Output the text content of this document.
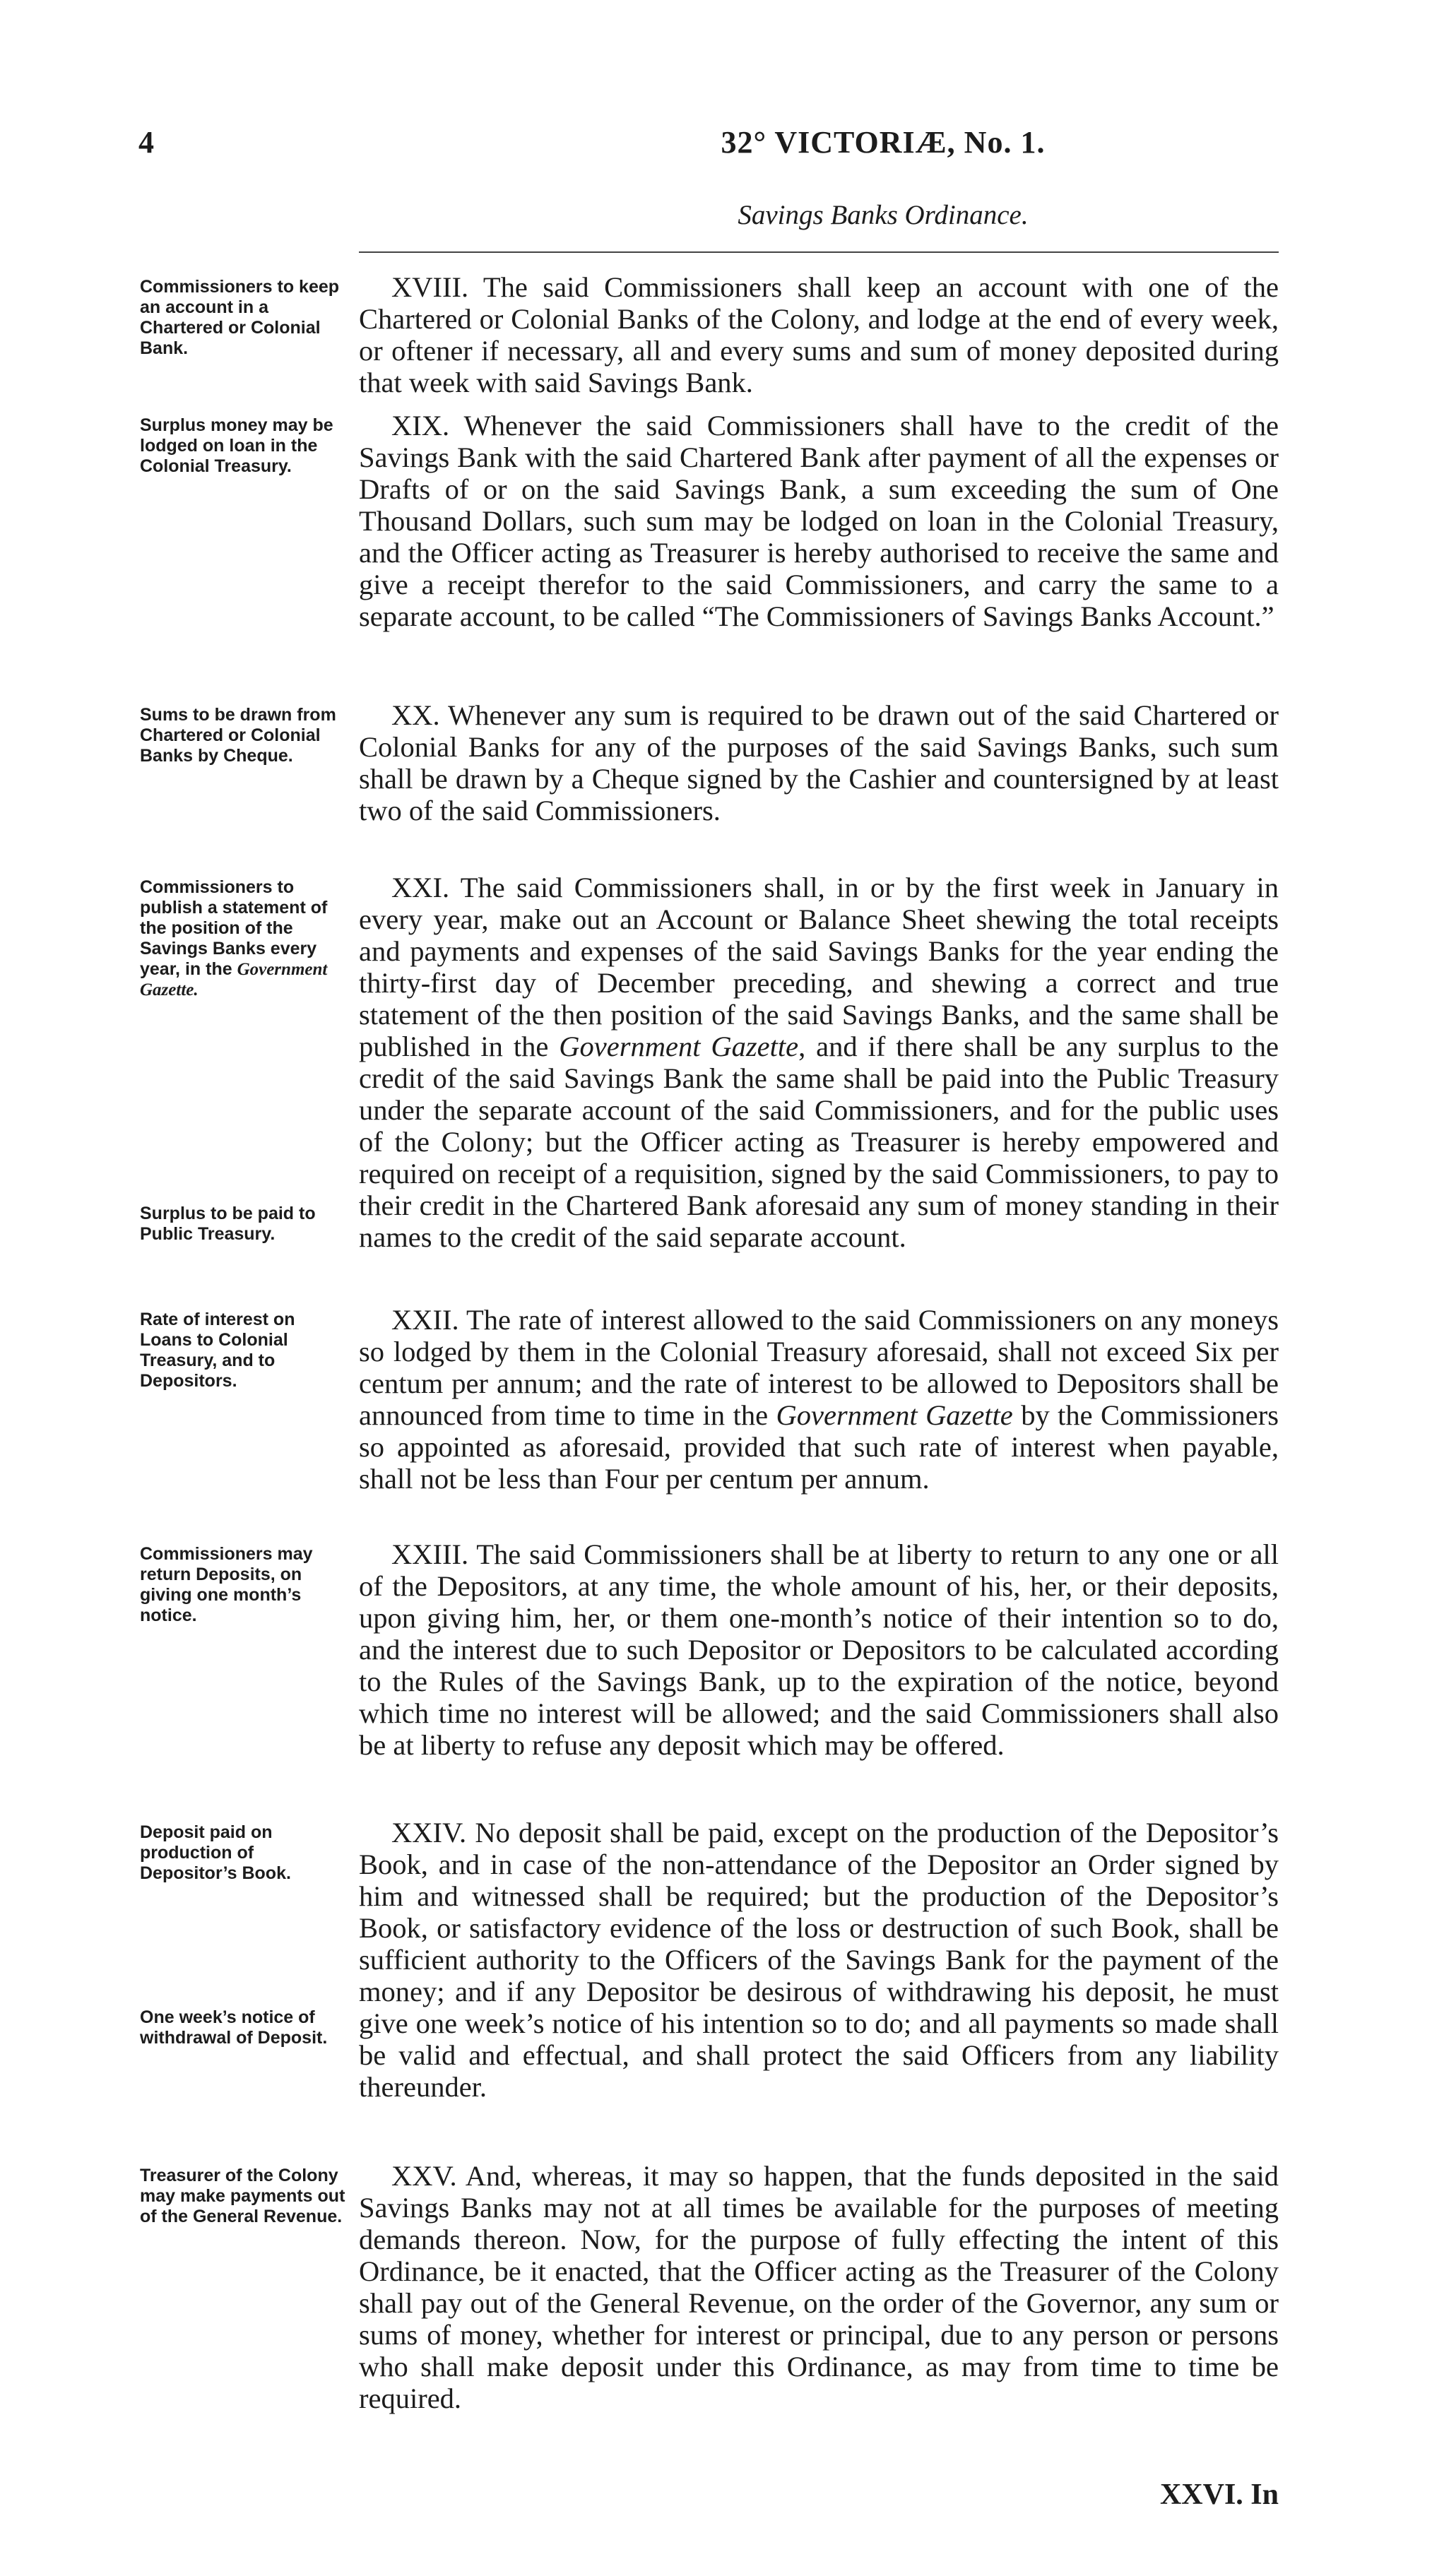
4	32° VICTORIÆ, No. 1.
Savings Banks Ordinance.
Commissioners to keep an account in a Chartered or Colonial Bank.
XVIII. The said Commissioners shall keep an account with one of the Chartered or Colonial Banks of the Colony, and lodge at the end of every week, or oftener if necessary, all and every sums and sum of money deposited during that week with said Savings Bank.
Surplus money may be lodged on loan in the Colonial Treasury.
XIX. Whenever the said Commissioners shall have to the credit of the Savings Bank with the said Chartered Bank after payment of all the expenses or Drafts of or on the said Savings Bank, a sum exceeding the sum of One Thousand Dollars, such sum may be lodged on loan in the Colonial Treasury, and the Officer acting as Treasurer is hereby authorised to receive the same and give a receipt therefor to the said Commissioners, and carry the same to a separate account, to be called “The Commissioners of Savings Banks Account.”
Sums to be drawn from Chartered or Colonial Banks by Cheque.
XX. Whenever any sum is required to be drawn out of the said Chartered or Colonial Banks for any of the purposes of the said Savings Banks, such sum shall be drawn by a Cheque signed by the Cashier and countersigned by at least two of the said Commissioners.
Commissioners to publish a statement of the position of the Savings Banks every year, in the Government Gazette.
Surplus to be paid to Public Treasury.
XXI. The said Commissioners shall, in or by the first week in January in every year, make out an Account or Balance Sheet shewing the total receipts and payments and expenses of the said Savings Banks for the year ending the thirty-first day of December preceding, and shewing a correct and true statement of the then position of the said Savings Banks, and the same shall be published in the Government Gazette, and if there shall be any surplus to the credit of the said Savings Bank the same shall be paid into the Public Treasury under the separate account of the said Commissioners, and for the public uses of the Colony; but the Officer acting as Treasurer is hereby empowered and required on receipt of a requisition, signed by the said Commissioners, to pay to their credit in the Chartered Bank aforesaid any sum of money standing in their names to the credit of the said separate account.
Rate of interest on Loans to Colonial Treasury, and to Depositors.
XXII. The rate of interest allowed to the said Commissioners on any moneys so lodged by them in the Colonial Treasury aforesaid, shall not exceed Six per centum per annum; and the rate of interest to be allowed to Depositors shall be announced from time to time in the Government Gazette by the Commissioners so appointed as aforesaid, provided that such rate of interest when payable, shall not be less than Four per centum per annum.
Commissioners may return Deposits, on giving one month’s notice.
XXIII. The said Commissioners shall be at liberty to return to any one or all of the Depositors, at any time, the whole amount of his, her, or their deposits, upon giving him, her, or them one-month’s notice of their intention so to do, and the interest due to such Depositor or Depositors to be calculated according to the Rules of the Savings Bank, up to the expiration of the notice, beyond which time no interest will be allowed; and the said Commissioners shall also be at liberty to refuse any deposit which may be offered.
Deposit paid on production of Depositor’s Book.
One week’s notice of withdrawal of Deposit.
XXIV. No deposit shall be paid, except on the production of the Depositor’s Book, and in case of the non-attendance of the Depositor an Order signed by him and witnessed shall be required; but the production of the Depositor’s Book, or satisfactory evidence of the loss or destruction of such Book, shall be sufficient authority to the Officers of the Savings Bank for the payment of the money; and if any Depositor be desirous of withdrawing his deposit, he must give one week’s notice of his intention so to do; and all payments so made shall be valid and effectual, and shall protect the said Officers from any liability thereunder.
Treasurer of the Colony may make payments out of the General Revenue.
XXV. And, whereas, it may so happen, that the funds deposited in the said Savings Banks may not at all times be available for the purposes of meeting demands thereon. Now, for the purpose of fully effecting the intent of this Ordinance, be it enacted, that the Officer acting as the Treasurer of the Colony shall pay out of the General Revenue, on the order of the Governor, any sum or sums of money, whether for interest or principal, due to any person or persons who shall make deposit under this Ordinance, as may from time to time be required.
XXVI. In
